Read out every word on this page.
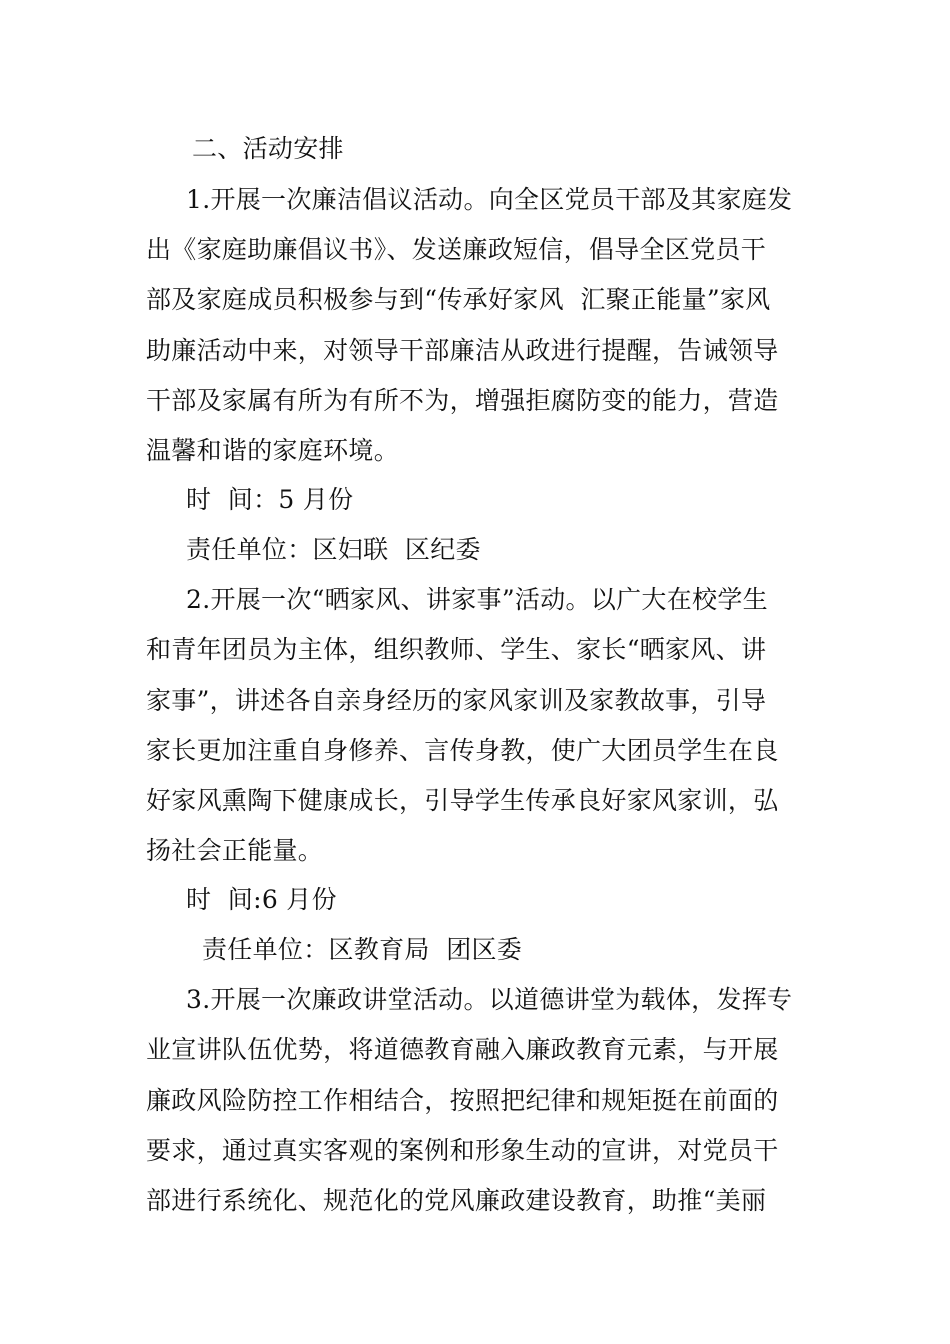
二、活动安排
1.开展一次廉洁倡议活动。向全区党员干部及其家庭发
出《家庭助廉倡议书》、发送廉政短信，倡导全区党员干
部及家庭成员积极参与到“传承好家风  汇聚正能量”家风
助廉活动中来，对领导干部廉洁从政进行提醒，告诫领导
干部及家属有所为有所不为，增强拒腐防变的能力，营造
温馨和谐的家庭环境。
时  间：5 月份
责任单位：区妇联  区纪委
2.开展一次“晒家风、讲家事”活动。以广大在校学生
和青年团员为主体，组织教师、学生、家长“晒家风、讲
家事”，讲述各自亲身经历的家风家训及家教故事，引导
家长更加注重自身修养、言传身教，使广大团员学生在良
好家风熏陶下健康成长，引导学生传承良好家风家训，弘
扬社会正能量。
时  间:6 月份
责任单位：区教育局  团区委
3.开展一次廉政讲堂活动。以道德讲堂为载体，发挥专
业宣讲队伍优势，将道德教育融入廉政教育元素，与开展
廉政风险防控工作相结合，按照把纪律和规矩挺在前面的
要求，通过真实客观的案例和形象生动的宣讲，对党员干
部进行系统化、规范化的党风廉政建设教育，助推“美丽
